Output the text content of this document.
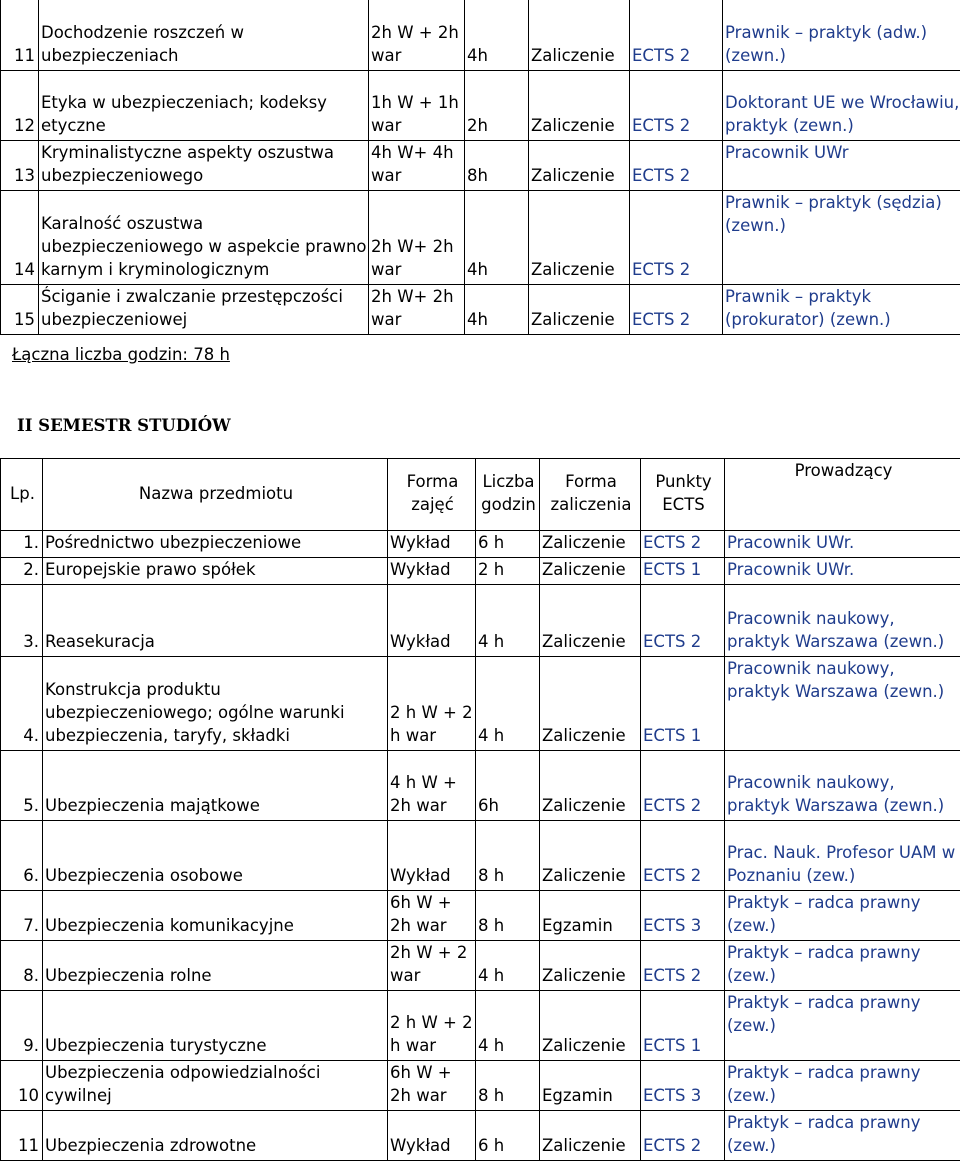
11	Dochodzenie roszczeń w ubezpieczeniach	2h W + 2h war	4h	Zaliczenie	ECTS 2	Prawnik – praktyk (adw.) (zewn.)
12	Etyka w ubezpieczeniach; kodeksy etyczne	1h W + 1h war	2h	Zaliczenie	ECTS 2	Doktorant UE we Wrocławiu, praktyk (zewn.)
13	Kryminalistyczne aspekty oszustwa ubezpieczeniowego	4h W+ 4h war	8h	Zaliczenie	ECTS 2	Pracownik UWr
14	Karalność oszustwa ubezpieczeniowego w aspekcie prawno karnym i kryminologicznym	2h W+ 2h war	4h	Zaliczenie	ECTS 2	Prawnik – praktyk (sędzia) (zewn.)
15	Ściganie i zwalczanie przestępczości ubezpieczeniowej	2h W+ 2h war	4h	Zaliczenie	ECTS 2	Prawnik – praktyk (prokurator) (zewn.)
Łączna liczba godzin: 78 h
II SEMESTR STUDIÓW
Lp.	Nazwa przedmiotu	Forma zajęć	Liczba godzin	Forma zaliczenia	Punkty ECTS	Prowadzący
1.	Pośrednictwo ubezpieczeniowe	Wykład	6 h	Zaliczenie	ECTS 2	Pracownik UWr.
2.	Europejskie prawo spółek	Wykład	2 h	Zaliczenie	ECTS 1	Pracownik UWr.
3.	Reasekuracja	Wykład	4 h	Zaliczenie	ECTS 2	Pracownik naukowy, praktyk Warszawa (zewn.)
4.	Konstrukcja produktu ubezpieczeniowego; ogólne warunki ubezpieczenia, taryfy, składki	2 h W + 2 h war	4 h	Zaliczenie	ECTS 1	Pracownik naukowy, praktyk Warszawa (zewn.)
5.	Ubezpieczenia majątkowe	4 h W + 2h war	6h	Zaliczenie	ECTS 2	Pracownik naukowy, praktyk Warszawa (zewn.)
6.	Ubezpieczenia osobowe	Wykład	8 h	Zaliczenie	ECTS 2	Prac. Nauk. Profesor UAM w Poznaniu (zew.)
7.	Ubezpieczenia komunikacyjne	6h W + 2h war	8 h	Egzamin	ECTS 3	Praktyk – radca prawny (zew.)
8.	Ubezpieczenia rolne	2h W + 2 war	4 h	Zaliczenie	ECTS 2	Praktyk – radca prawny (zew.)
9.	Ubezpieczenia turystyczne	2 h W + 2 h war	4 h	Zaliczenie	ECTS 1	Praktyk – radca prawny (zew.)
10	Ubezpieczenia odpowiedzialności cywilnej	6h W + 2h war	8 h	Egzamin	ECTS 3	Praktyk – radca prawny (zew.)
11	Ubezpieczenia zdrowotne	Wykład	6 h	Zaliczenie	ECTS 2	Praktyk – radca prawny (zew.)
